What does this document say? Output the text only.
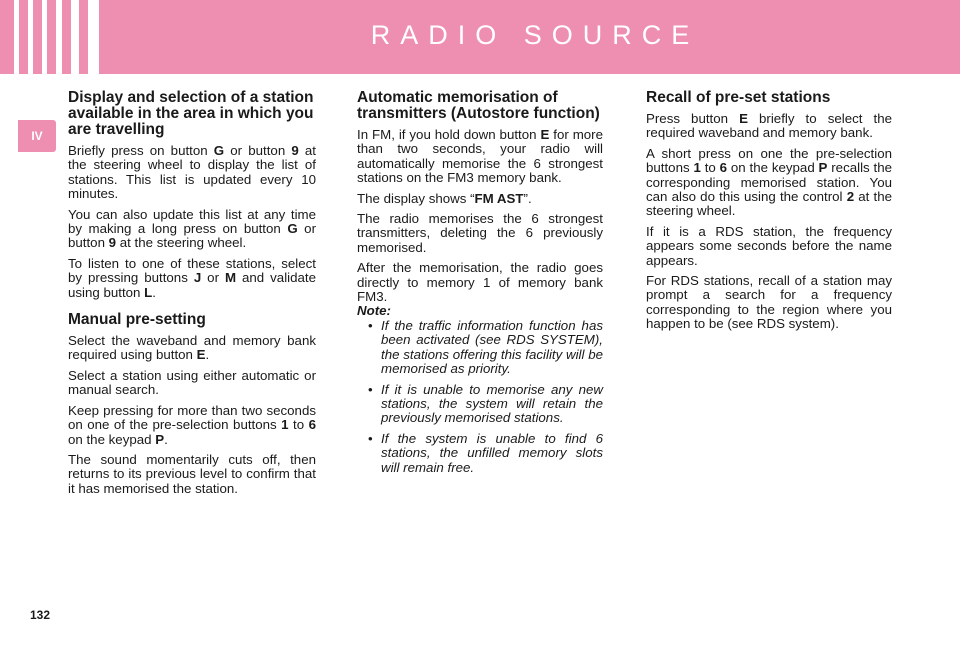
RADIO SOURCE
IV
Display and selection of a station available in the area in which you are travelling

Briefly press on button G or button 9 at the steering wheel to display the list of stations. This list is updated every 10 minutes.

You can also update this list at any time by making a long press on button G or button 9 at the steering wheel.

To listen to one of these stations, select by pressing buttons J or M and validate using button L.

Manual pre-setting

Select the waveband and memory bank required using button E.

Select a station using either automatic or manual search.

Keep pressing for more than two seconds on one of the pre-selection buttons 1 to 6 on the keypad P.

The sound momentarily cuts off, then returns to its previous level to confirm that it has memorised the station.

Automatic memorisation of transmitters (Autostore function)

In FM, if you hold down button E for more than two seconds, your radio will automatically memorise the 6 strongest stations on the FM3 memory bank.

The display shows “FM AST”.

The radio memorises the 6 strongest transmitters, deleting the 6 previously memorised.

After the memorisation, the radio goes directly to memory 1 of memory bank FM3.

Note:
• If the traffic information function has been activated (see RDS SYSTEM), the stations offering this facility will be memorised as priority.
• If it is unable to memorise any new stations, the system will retain the previously memorised stations.
• If the system is unable to find 6 stations, the unfilled memory slots will remain free.
Recall of pre-set stations

Press button E briefly to select the required waveband and memory bank.

A short press on one the pre-selection buttons 1 to 6 on the keypad P recalls the corresponding memorised station. You can also do this using the control 2 at the steering wheel.

If it is a RDS station, the frequency appears some seconds before the name appears.

For RDS stations, recall of a station may prompt a search for a frequency corresponding to the region where you happen to be (see RDS system).

132
